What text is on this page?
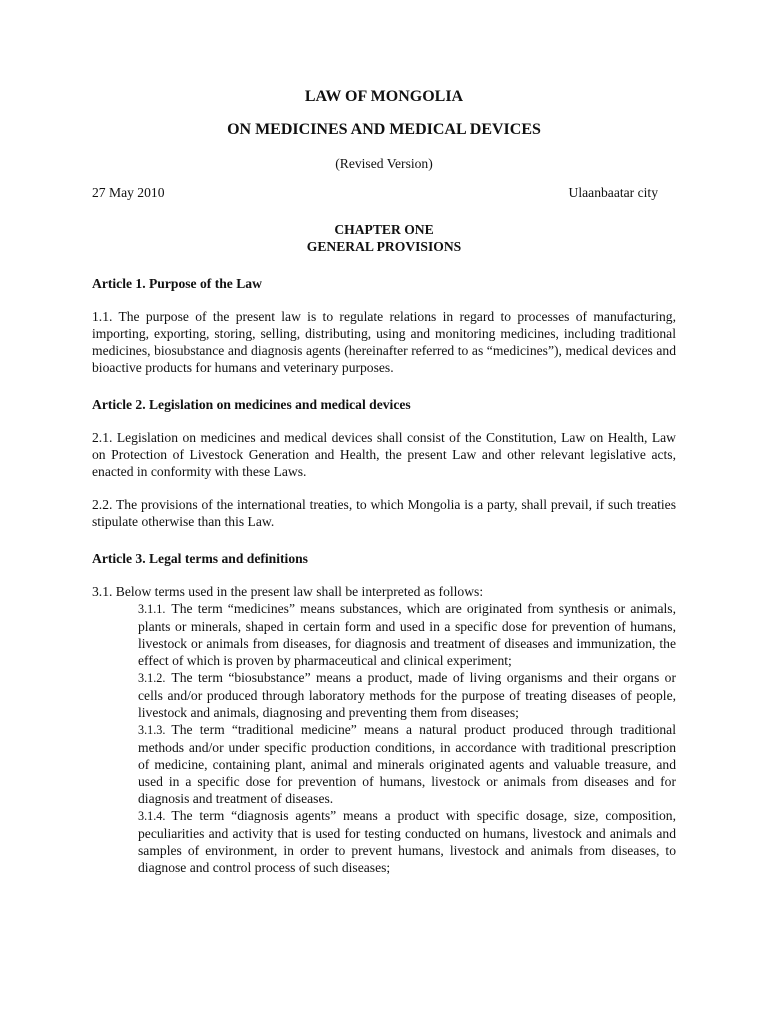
LAW OF MONGOLIA
ON MEDICINES AND MEDICAL DEVICES
(Revised Version)
27 May 2010	Ulaanbaatar city
CHAPTER ONE
GENERAL PROVISIONS
Article 1. Purpose of the Law
1.1. The purpose of the present law is to regulate relations in regard to processes of manufacturing, importing, exporting, storing, selling, distributing, using and monitoring medicines, including traditional medicines, biosubstance and diagnosis agents (hereinafter referred to as “medicines”), medical devices and bioactive products for humans and veterinary purposes.
Article 2. Legislation on medicines and medical devices
2.1. Legislation on medicines and medical devices shall consist of the Constitution, Law on Health, Law on Protection of Livestock Generation and Health, the present Law and other relevant legislative acts, enacted in conformity with these Laws.
2.2. The provisions of the international treaties, to which Mongolia is a party, shall prevail, if such treaties stipulate otherwise than this Law.
Article 3. Legal terms and definitions
3.1. Below terms used in the present law shall be interpreted as follows:
3.1.1. The term “medicines” means substances, which are originated from synthesis or animals, plants or minerals, shaped in certain form and used in a specific dose for prevention of humans, livestock or animals from diseases, for diagnosis and treatment of diseases and immunization, the effect of which is proven by pharmaceutical and clinical experiment;
3.1.2. The term “biosubstance” means a product, made of living organisms and their organs or cells and/or produced through laboratory methods for the purpose of treating diseases of people, livestock and animals, diagnosing and preventing them from diseases;
3.1.3. The term “traditional medicine” means a natural product produced through traditional methods and/or under specific production conditions, in accordance with traditional prescription of medicine, containing plant, animal and minerals originated agents and valuable treasure, and used in a specific dose for prevention of humans, livestock or animals from diseases and for diagnosis and treatment of diseases.
3.1.4. The term “diagnosis agents” means a product with specific dosage, size, composition, peculiarities and activity that is used for testing conducted on humans, livestock and animals and samples of environment, in order to prevent humans, livestock and animals from diseases, to diagnose and control process of such diseases;
